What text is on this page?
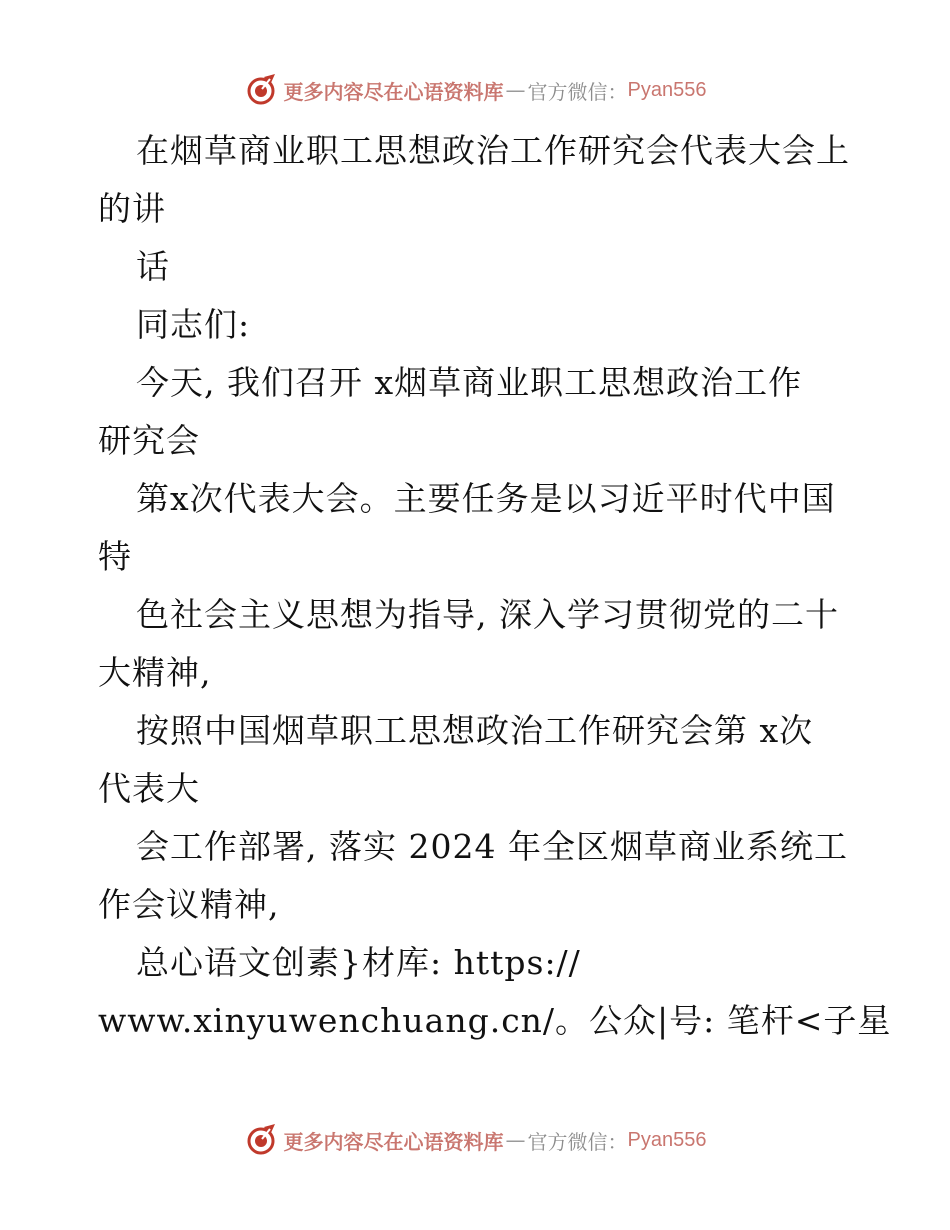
更多内容尽在心语资料库 — 官方微信： Pyan556
在烟草商业职工思想政治工作研究会代表大会上
的讲
话
同志们:
今天, 我们召开 x烟草商业职工思想政治工作
研究会
第x次代表大会。主要任务是以习近平时代中国
特
色社会主义思想为指导, 深入学习贯彻党的二十
大精神,
按照中国烟草职工思想政治工作研究会第 x次
代表大
会工作部署, 落实 2024 年全区烟草商业系统工
作会议精神,
总心语文创素}材库: https://
www.xinyuwenchuang.cn/。公众|号: 笔杆<子星
更多内容尽在心语资料库 — 官方微信： Pyan556
